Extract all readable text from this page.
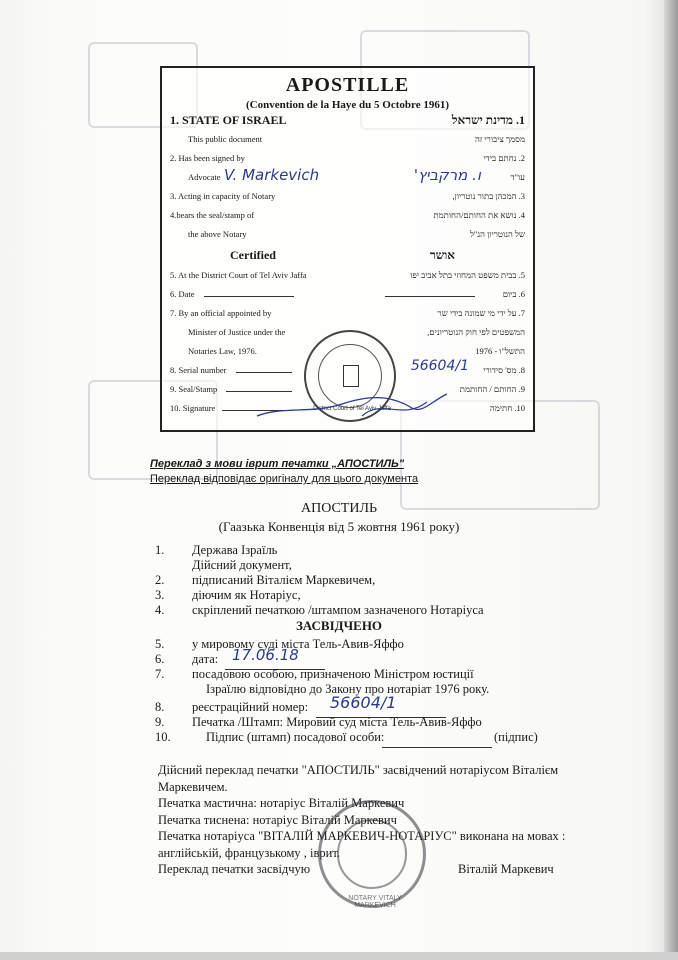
APOSTILLE
(Convention de la Haye du 5 Octobre 1961)
1. STATE OF ISRAEL	1. מדינת ישראל
This public document	מסמך ציבורי זה
2. Has been signed by	2. נחתם בידי
Advocate V. Markevich	ו. מרקביץ'	עו"ד
3. Acting in capacity of Notary	3. המכהן בתור נוטריון,
4.bears the seal/stamp of	4. נושא את החותם/החותמת
the above Notary	של הנוטריון הנ"ל
Certified	אושר
5. At the District Court of Tel Aviv Jaffa	5. בבית משפט המחוזי בתל אביב יפו
6. Date	6. ביום
7. By an official appointed by	7. על ידי מי שמונה בידי שר
Minister of Justice under the	המשפטים לפי חוק הנוטריונים,
Notaries Law, 1976.	התשל"ו - 1976
8. Serial number	56604/1 8. מס' סידורי
9. Seal/Stamp	9. החותם / החותמת
10. Signature	10. חתימה
District Court of Tel Aviv Jaffa
Переклад з мови іврит печатки „АПОСТИЛЬ"
Переклад відповідає оригіналу для цього документа
АПОСТИЛЬ
(Гаазька Конвенція від 5 жовтня 1961 року)
1. Держава Ізраїль
Дійсний документ,
2. підписаний Віталієм Маркевичем,
3. діючим як Нотаріус,
4. скріплений печаткою /штампом зазначеного Нотаріуса
ЗАСВІДЧЕНО
5. у мировому суді міста Тель-Авив-Яффо
6. дата: 17.06.18
7. посадовою особою, призначеною Міністром юстиції
Ізраїлю відповідно до Закону про нотаріат 1976 року.
8. реєстраційний номер: 56604/1
9. Печатка /Штамп: Мировий суд міста Тель-Авив-Яффо
10.	Підпис (штамп) посадової особи:	(підпис)
Дійсний переклад печатки "АПОСТИЛЬ" засвідчений нотаріусом Віталієм
Маркевичем.
Печатка мастична: нотаріус Віталій Маркевич
Печатка тиснена: нотаріус Віталій Маркевич
Печатка нотаріуса "ВІТАЛІЙ МАРКЕВИЧ-НОТАРІУС" виконана на мовах :
англійській, французькому , іврит.
Переклад печатки засвідчую	Віталій Маркевич
NOTARY VITALY MARKEVICH
